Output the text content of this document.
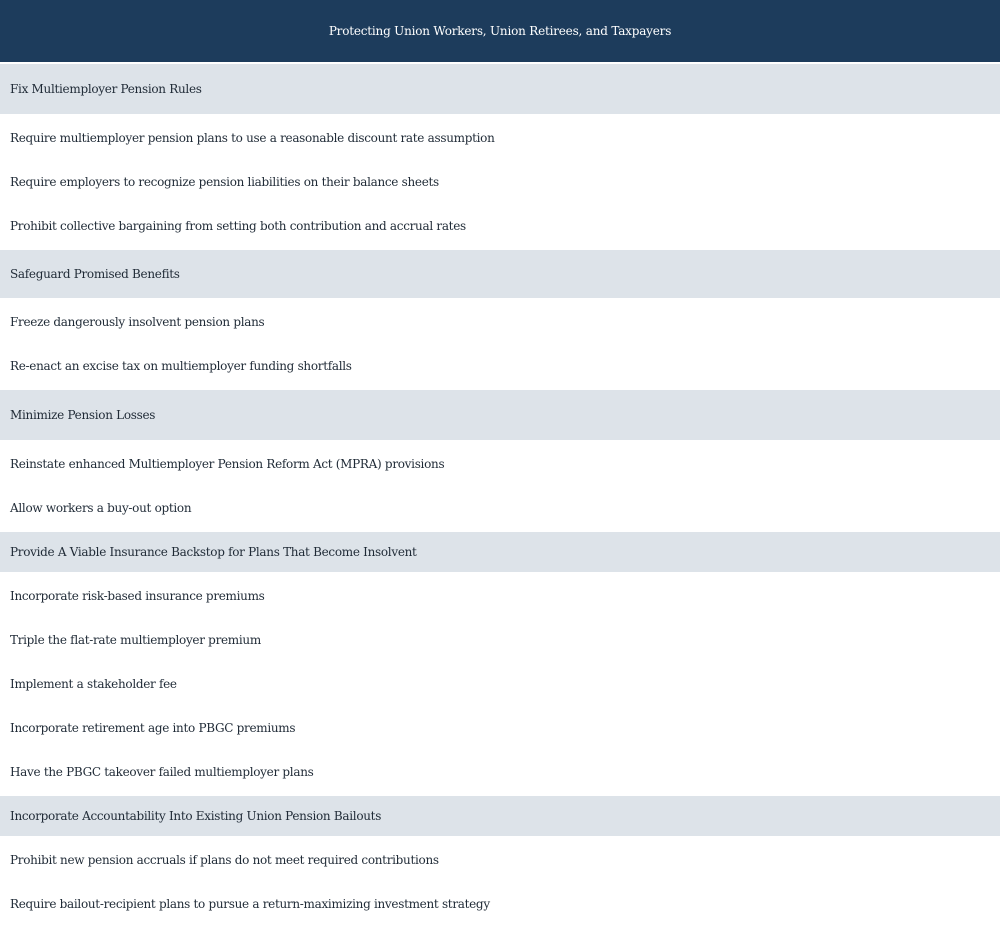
Protecting Union Workers, Union Retirees, and Taxpayers
Fix Multiemployer Pension Rules
Require multiemployer pension plans to use a reasonable discount rate assumption
Require employers to recognize pension liabilities on their balance sheets
Prohibit collective bargaining from setting both contribution and accrual rates
Safeguard Promised Benefits
Freeze dangerously insolvent pension plans
Re-enact an excise tax on multiemployer funding shortfalls
Minimize Pension Losses
Reinstate enhanced Multiemployer Pension Reform Act (MPRA) provisions
Allow workers a buy-out option
Provide A Viable Insurance Backstop for Plans That Become Insolvent
Incorporate risk-based insurance premiums
Triple the flat-rate multiemployer premium
Implement a stakeholder fee
Incorporate retirement age into PBGC premiums
Have the PBGC takeover failed multiemployer plans
Incorporate Accountability Into Existing Union Pension Bailouts
Prohibit new pension accruals if plans do not meet required contributions
Require bailout-recipient plans to pursue a return-maximizing investment strategy
